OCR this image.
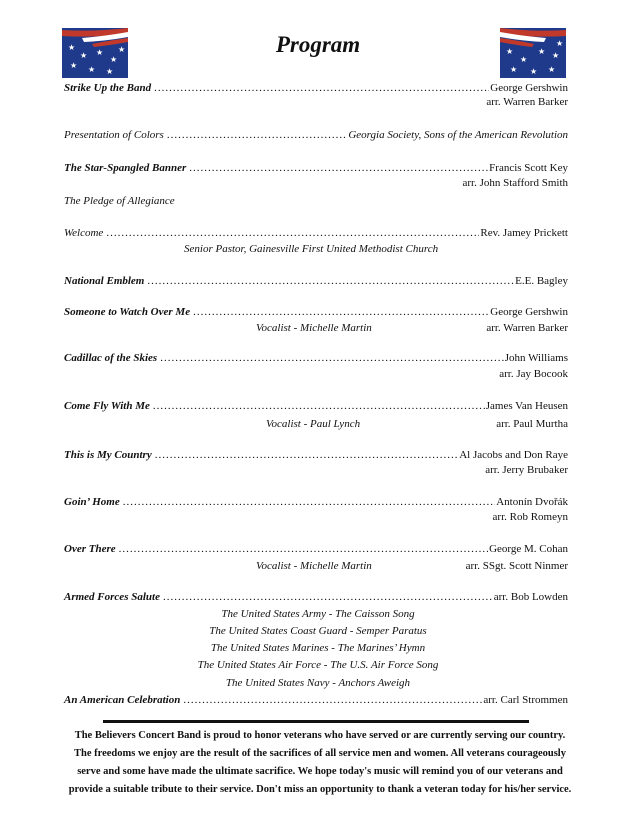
★
★ ★
★
★ ★ ★
★	★
★
★ ★
★ ★ ★
★
Program
Strike Up the Band .....	George Gershwin
arr. Warren Barker
Presentation of Colors .....	Georgia Society, Sons of the American Revolution
The Star-Spangled Banner .....	Francis Scott Key
arr. John Stafford Smith
The Pledge of Allegiance
Welcome .....	Rev. Jamey Prickett
Senior Pastor, Gainesville First United Methodist Church
National Emblem .....	E.E. Bagley
Someone to Watch Over Me .....	George Gershwin
Vocalist - Michelle Martin	arr. Warren Barker
Cadillac of the Skies .....	John Williams
arr. Jay Bocook
Come Fly With Me .....	James Van Heusen
Vocalist - Paul Lynch	arr. Paul Murtha
This is My Country .....	Al Jacobs and Don Raye
arr. Jerry Brubaker
Goin’ Home .....	Antonín Dvořák
arr. Rob Romeyn
Over There .....	George M. Cohan
Vocalist - Michelle Martin	arr. SSgt. Scott Ninmer
Armed Forces Salute .....	arr. Bob Lowden
The United States Army - The Caisson Song
The United States Coast Guard - Semper Paratus
The United States Marines - The Marines’ Hymn
The United States Air Force - The U.S. Air Force Song
The United States Navy - Anchors Aweigh
An American Celebration .....	arr. Carl Strommen
The Believers Concert Band is proud to honor veterans who have served or are currently serving our country.
The freedoms we enjoy are the result of the sacrifices of all service men and women. All veterans courageously
serve and some have made the ultimate sacrifice. We hope today's music will remind you of our veterans and
provide a suitable tribute to their service. Don't miss an opportunity to thank a veteran today for his/her service.
